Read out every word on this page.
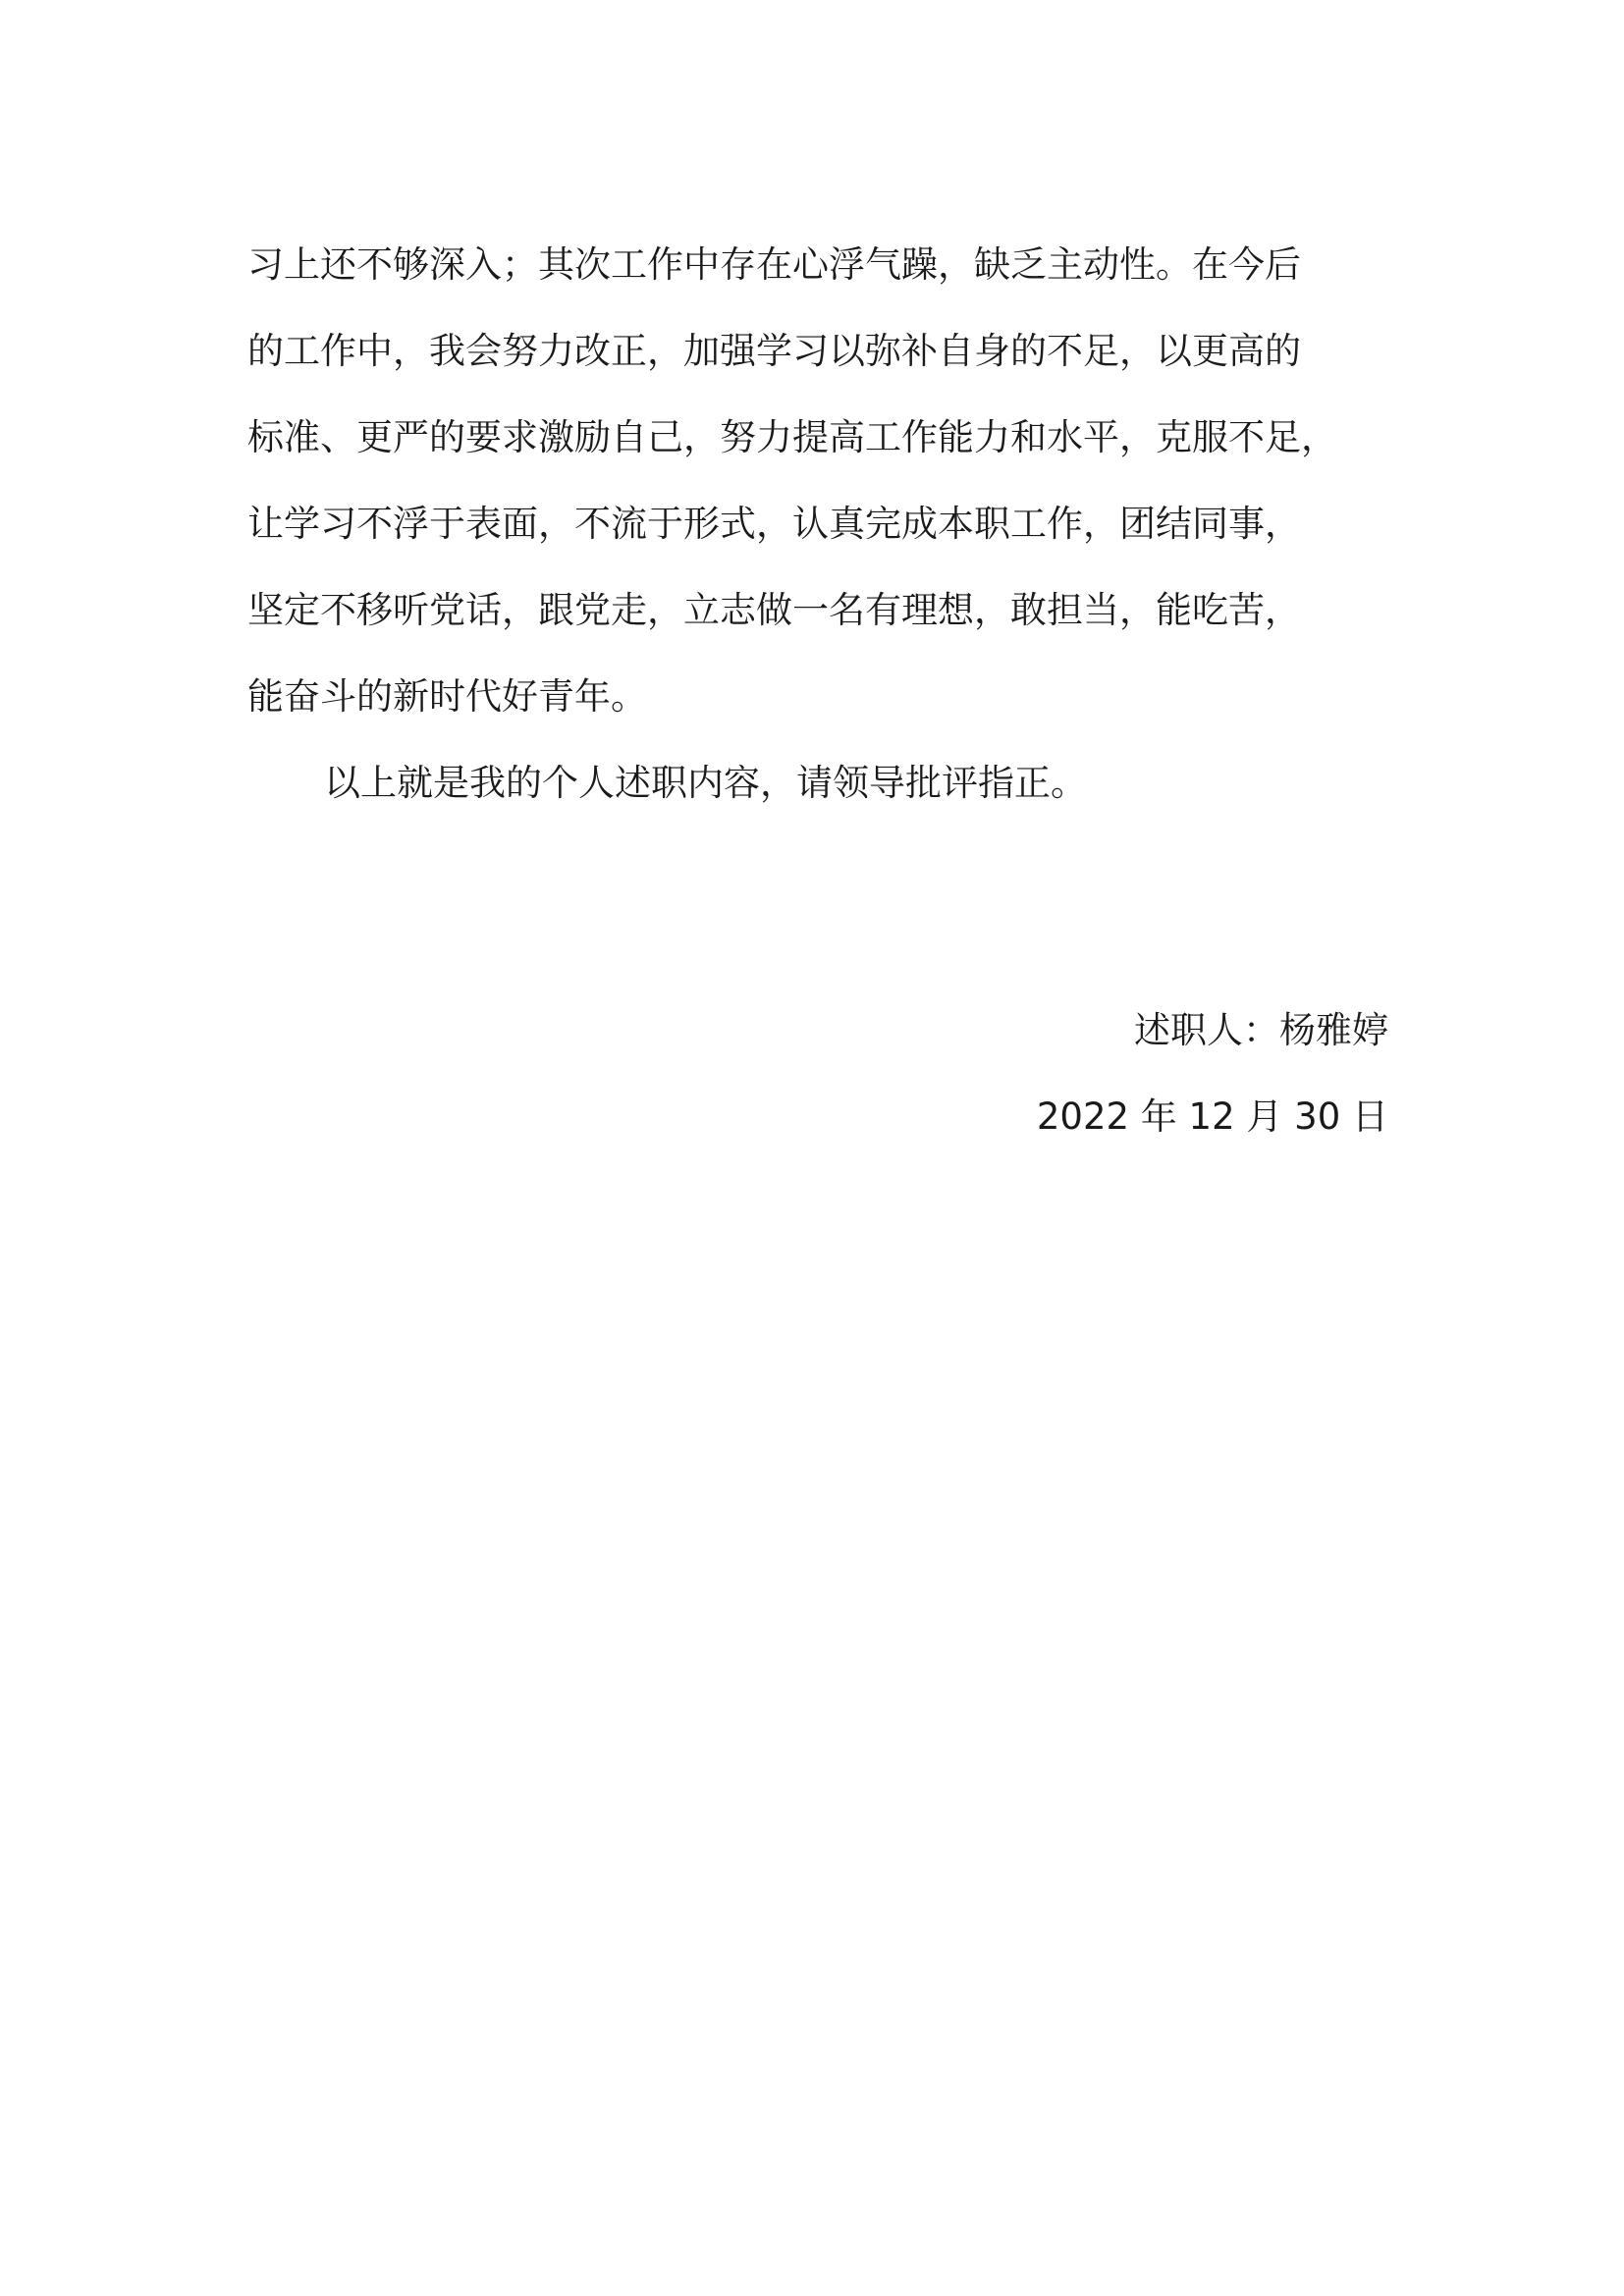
习上还不够深入；其次工作中存在心浮气躁，缺乏主动性。在今后
的工作中，我会努力改正，加强学习以弥补自身的不足，以更高的
标准、更严的要求激励自己，努力提高工作能力和水平，克服不足，
让学习不浮于表面，不流于形式，认真完成本职工作，团结同事，
坚定不移听党话，跟党走，立志做一名有理想，敢担当，能吃苦，
能奋斗的新时代好青年。
以上就是我的个人述职内容，请领导批评指正。
述职人：杨雅婷
2022 年 12 月 30 日
